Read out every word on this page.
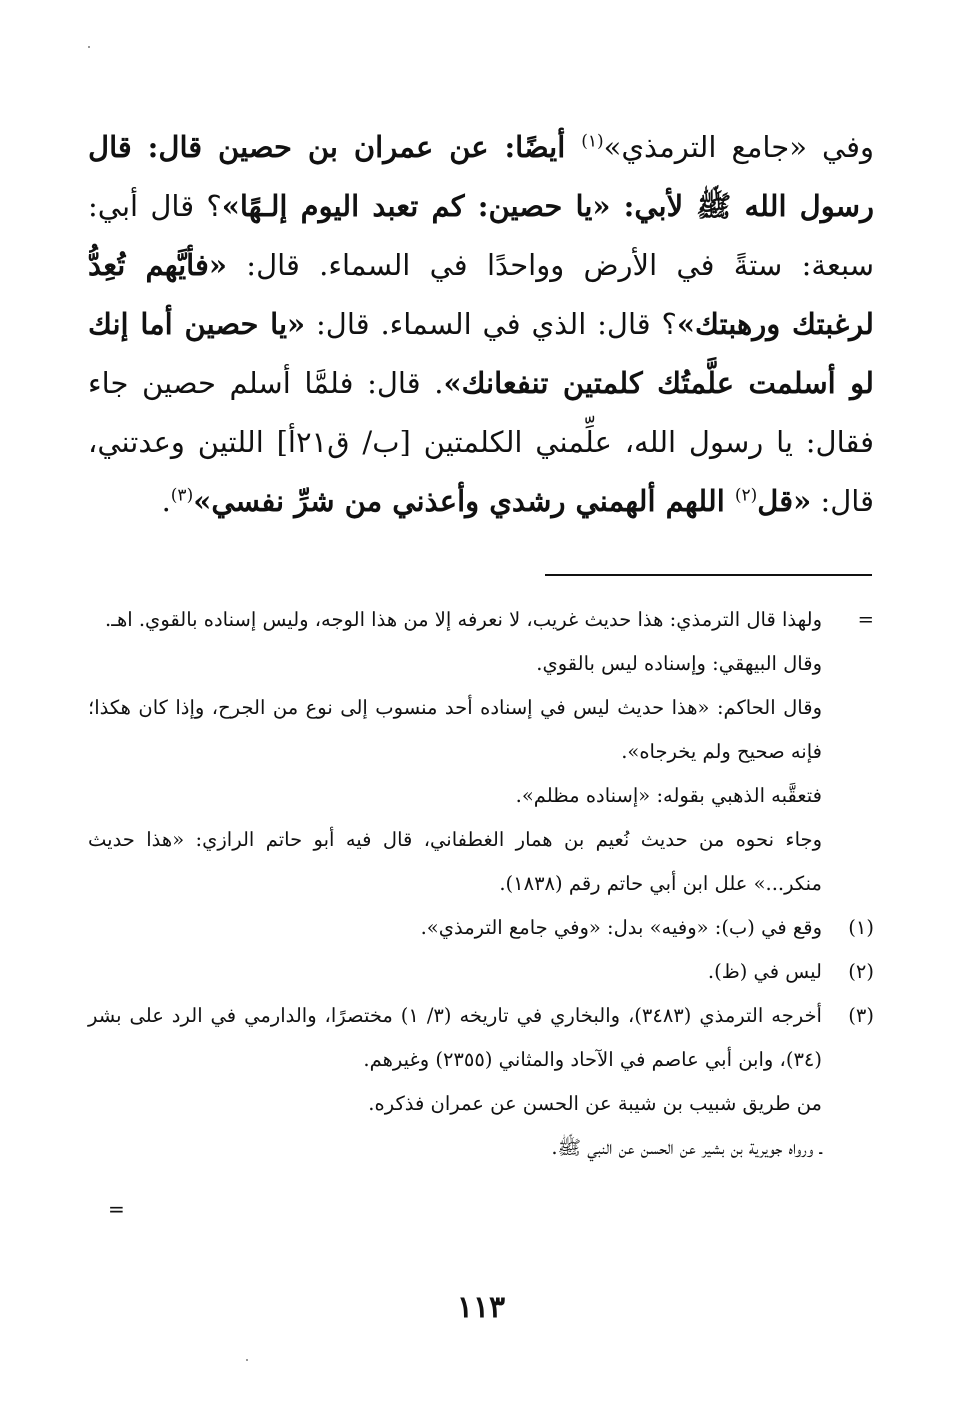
وفي «جامع الترمذي»$^{(١)}$ أيضًا: عن عمران بن حصين قال: قال رسول الله ﷺ لأبي: «يا حصين: كم تعبد اليوم إلـهًا»؟ قال أبي: سبعة: ستةً في الأرض وواحدًا في السماء. قال: «فأيَّهم تُعِدُّ لرغبتك ورهبتك»؟ قال: الذي في السماء. قال: «يا حصين أما إنك لو أسلمت علَّمتُك كلمتين تنفعانك». قال: فلمَّا أسلم حصين جاء فقال: يا رسول الله، علِّمني الكلمتين [ب/ ق٢١أ] اللتين وعدتني، قال: «قل$^{(٢)}$ اللهم ألهمني رشدي وأعذني من شرِّ نفسي»$^{(٣)}$.
=
ولهذا قال الترمذي: هذا حديث غريب، لا نعرفه إلا من هذا الوجه، وليس إسناده بالقوي. اهـ.
وقال البيهقي: وإسناده ليس بالقوي.
وقال الحاكم: «هذا حديث ليس في إسناده أحد منسوب إلى نوع من الجرح، وإذا كان هكذا؛ فإنه صحيح ولم يخرجاه».
فتعقَّبه الذهبي بقوله: «إسناده مظلم».
وجاء نحوه من حديث نُعيم بن همار الغطفاني، قال فيه أبو حاتم الرازي: «هذا حديث منكر...» علل ابن أبي حاتم رقم (١٨٣٨).
(١)
وقع في (ب): «وفيه» بدل: «وفي جامع الترمذي».
(٢)
ليس في (ظ).
(٣)
أخرجه الترمذي (٣٤٨٣)، والبخاري في تاريخه (٣/ ١) مختصرًا، والدارمي في الرد على بشر (٣٤)، وابن أبي عاصم في الآحاد والمثاني (٢٣٥٥) وغيرهم.
من طريق شبيب بن شيبة عن الحسن عن عمران فذكره.
ـ ورواه جويرية بن بشير عن الحسن عن النبي ﷺ.
=
١١٣
